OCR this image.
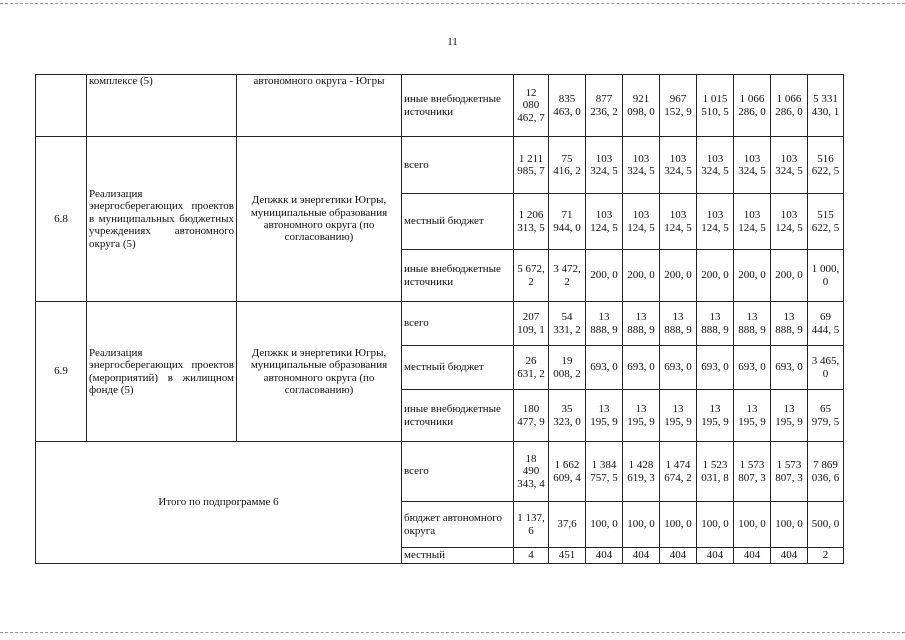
11
	комплексе (5)	автономного округа - Югры	иные внебюджетные источники	12 080 462, 7	835 463, 0	877 236, 2	921 098, 0	967 152, 9	1 015 510, 5	1 066 286, 0	1 066 286, 0	5 331 430, 1
6.8	Реализация энергосберегающих проектов в муниципальных бюджетных учреждениях автономного округа (5)	Депжкк и энергетики Югры, муниципальные образования автономного округа (по согласованию)	всего	1 211 985, 7	75 416, 2	103 324, 5	103 324, 5	103 324, 5	103 324, 5	103 324, 5	103 324, 5	516 622, 5
			местный бюджет	1 206 313, 5	71 944, 0	103 124, 5	103 124, 5	103 124, 5	103 124, 5	103 124, 5	103 124, 5	515 622, 5
			иные внебюджетные источники	5 672, 2	3 472, 2	200, 0	200, 0	200, 0	200, 0	200, 0	200, 0	1 000, 0
6.9	Реализация энергосберегающих проектов (мероприятий) в жилищном фонде (5)	Депжкк и энергетики Югры, муниципальные образования автономного округа (по согласованию)	всего	207 109, 1	54 331, 2	13 888, 9	13 888, 9	13 888, 9	13 888, 9	13 888, 9	13 888, 9	69 444, 5
			местный бюджет	26 631, 2	19 008, 2	693, 0	693, 0	693, 0	693, 0	693, 0	693, 0	3 465, 0
			иные внебюджетные источники	180 477, 9	35 323, 0	13 195, 9	13 195, 9	13 195, 9	13 195, 9	13 195, 9	13 195, 9	65 979, 5
Итого по подпрограмме 6			всего	18 490 343, 4	1 662 609, 4	1 384 757, 5	1 428 619, 3	1 474 674, 2	1 523 031, 8	1 573 807, 3	1 573 807, 3	7 869 036, 6
			бюджет автономного округа	1 137, 6	37,6	100, 0	100, 0	100, 0	100, 0	100, 0	100, 0	500, 0
			местный	4	451	404	404	404	404	404	404	2
